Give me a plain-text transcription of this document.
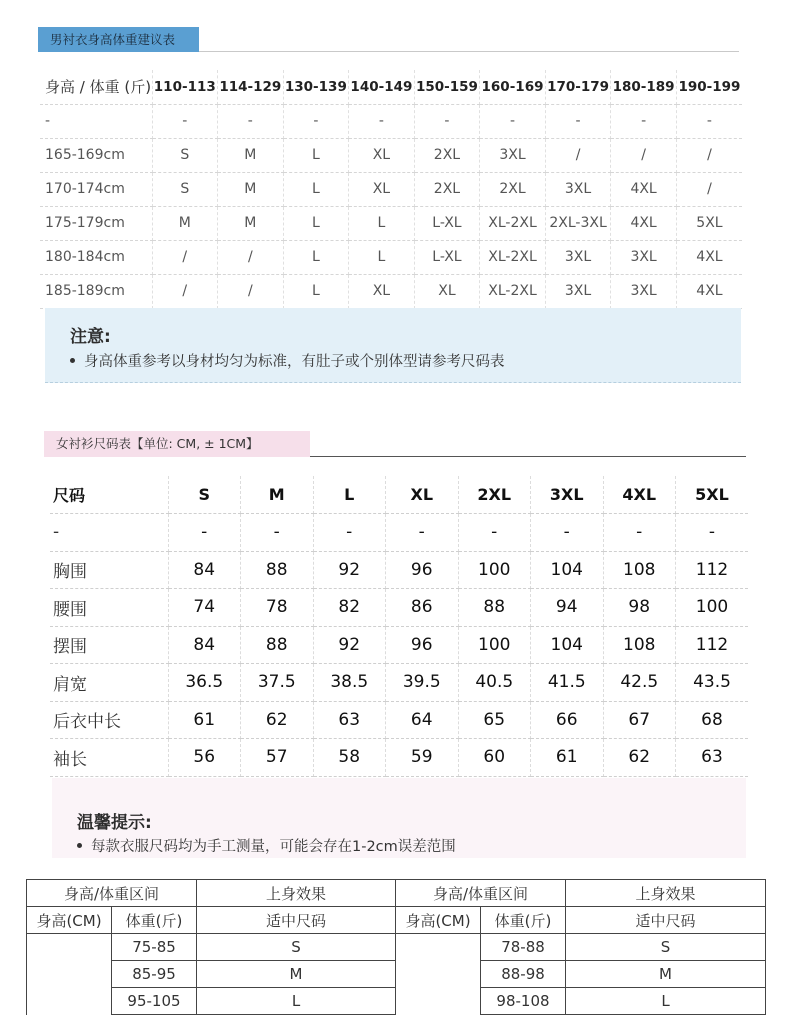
男衬衣身高体重建议表
身高 / 体重 (斤)	110-113	114-129	130-139	140-149	150-159	160-169	170-179	180-189	190-199
-	-	-	-	-	-	-	-	-	-
165-169cm	S	M	L	XL	2XL	3XL	/	/	/
170-174cm	S	M	L	XL	2XL	2XL	3XL	4XL	/
175-179cm	M	M	L	L	L-XL	XL-2XL	2XL-3XL	4XL	5XL
180-184cm	/	/	L	L	L-XL	XL-2XL	3XL	3XL	4XL
185-189cm	/	/	L	XL	XL	XL-2XL	3XL	3XL	4XL
注意:
身高体重参考以身材均匀为标准，有肚子或个别体型请参考尺码表
女衬衫尺码表【单位: CM, ± 1CM】
尺码	S	M	L	XL	2XL	3XL	4XL	5XL
-	-	-	-	-	-	-	-	-
胸围	84	88	92	96	100	104	108	112
腰围	74	78	82	86	88	94	98	100
摆围	84	88	92	96	100	104	108	112
肩宽	36.5	37.5	38.5	39.5	40.5	41.5	42.5	43.5
后衣中长	61	62	63	64	65	66	67	68
袖长	56	57	58	59	60	61	62	63
温馨提示:
每款衣服尺码均为手工测量，可能会存在1-2cm误差范围
身高/体重区间		上身效果	身高/体重区间		上身效果
身高(CM)	体重(斤)	适中尺码	身高(CM)	体重(斤)	适中尺码
	75-85	S		78-88	S
	85-95	M		88-98	M
	95-105	L		98-108	L
